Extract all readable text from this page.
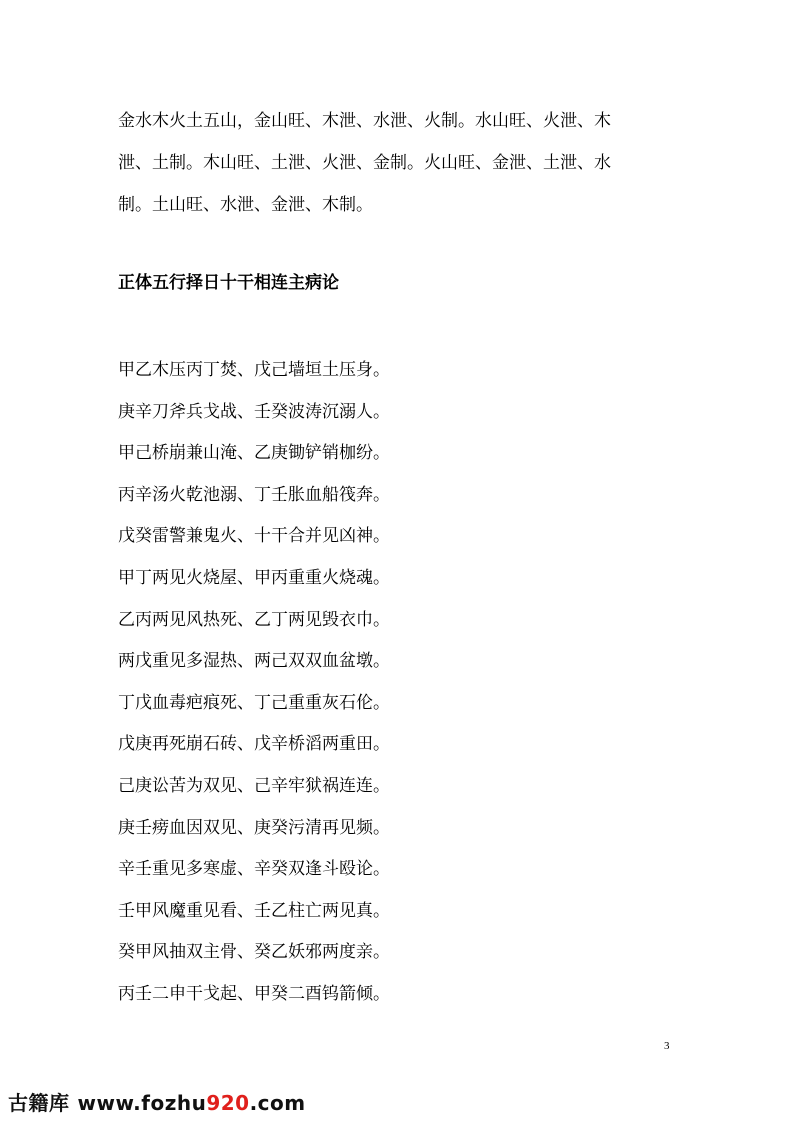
金水木火土五山，金山旺、木泄、水泄、火制。水山旺、火泄、木

泄、土制。木山旺、土泄、火泄、金制。火山旺、金泄、土泄、水

制。土山旺、水泄、金泄、木制。

正体五行择日十干相连主病论
甲乙木压丙丁焚、戊己墙垣土压身。
庚辛刀斧兵戈战、壬癸波涛沉溺人。
甲己桥崩兼山淹、乙庚锄铲销枷纷。
丙辛汤火乾池溺、丁壬胀血船筏奔。
戊癸雷警兼鬼火、十干合并见凶神。
甲丁两见火烧屋、甲丙重重火烧魂。
乙丙两见风热死、乙丁两见毁衣巾。
两戊重见多湿热、两己双双血盆墩。
丁戊血毒疤痕死、丁己重重灰石伦。
戊庚再死崩石砖、戊辛桥滔两重田。
己庚讼苦为双见、己辛牢狱祸连连。
庚壬痨血因双见、庚癸污清再见频。
辛壬重见多寒虚、辛癸双逢斗殴论。
壬甲风魔重见看、壬乙柱亡两见真。
癸甲风抽双主骨、癸乙妖邪两度亲。
丙壬二申干戈起、甲癸二酉钨箭倾。
3
古籍库 www.fozhu920.com
